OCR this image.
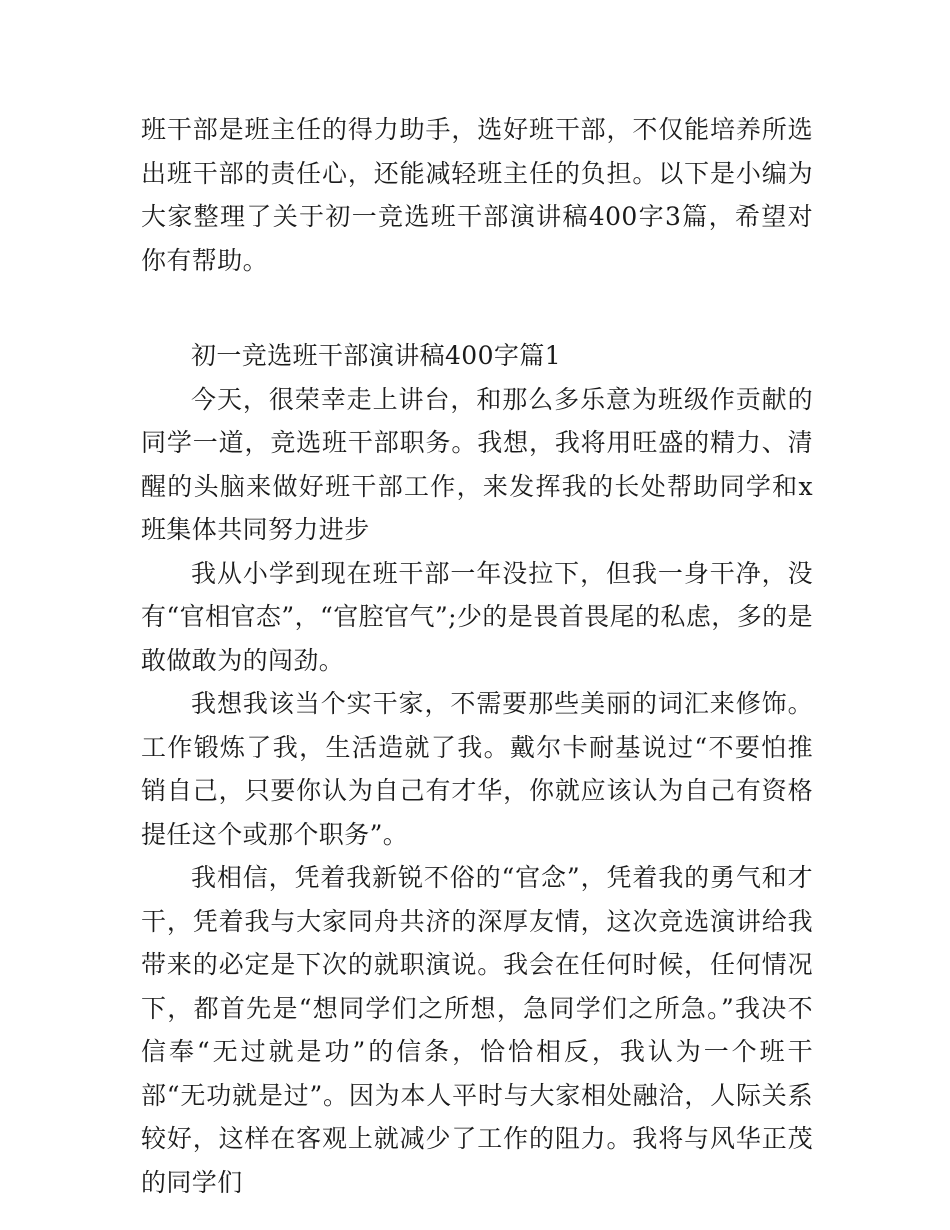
班干部是班主任的得力助手，选好班干部，不仅能培养所选出班干部的责任心，还能减轻班主任的负担。以下是小编为大家整理了关于初一竞选班干部演讲稿400字3篇，希望对你有帮助。

初一竞选班干部演讲稿400字篇1

今天，很荣幸走上讲台，和那么多乐意为班级作贡献的同学一道，竞选班干部职务。我想，我将用旺盛的精力、清醒的头脑来做好班干部工作，来发挥我的长处帮助同学和x班集体共同努力进步

我从小学到现在班干部一年没拉下，但我一身干净，没有“官相官态”，“官腔官气”;少的是畏首畏尾的私虑，多的是敢做敢为的闯劲。

我想我该当个实干家，不需要那些美丽的词汇来修饰。工作锻炼了我，生活造就了我。戴尔卡耐基说过“不要怕推销自己，只要你认为自己有才华，你就应该认为自己有资格提任这个或那个职务”。

我相信，凭着我新锐不俗的“官念”，凭着我的勇气和才干，凭着我与大家同舟共济的深厚友情，这次竞选演讲给我带来的必定是下次的就职演说。我会在任何时候，任何情况下，都首先是“想同学们之所想，急同学们之所急。”我决不信奉“无过就是功”的信条，恰恰相反，我认为一个班干部“无功就是过”。因为本人平时与大家相处融洽，人际关系较好，这样在客观上就减少了工作的阻力。我将与风华正茂的同学们
